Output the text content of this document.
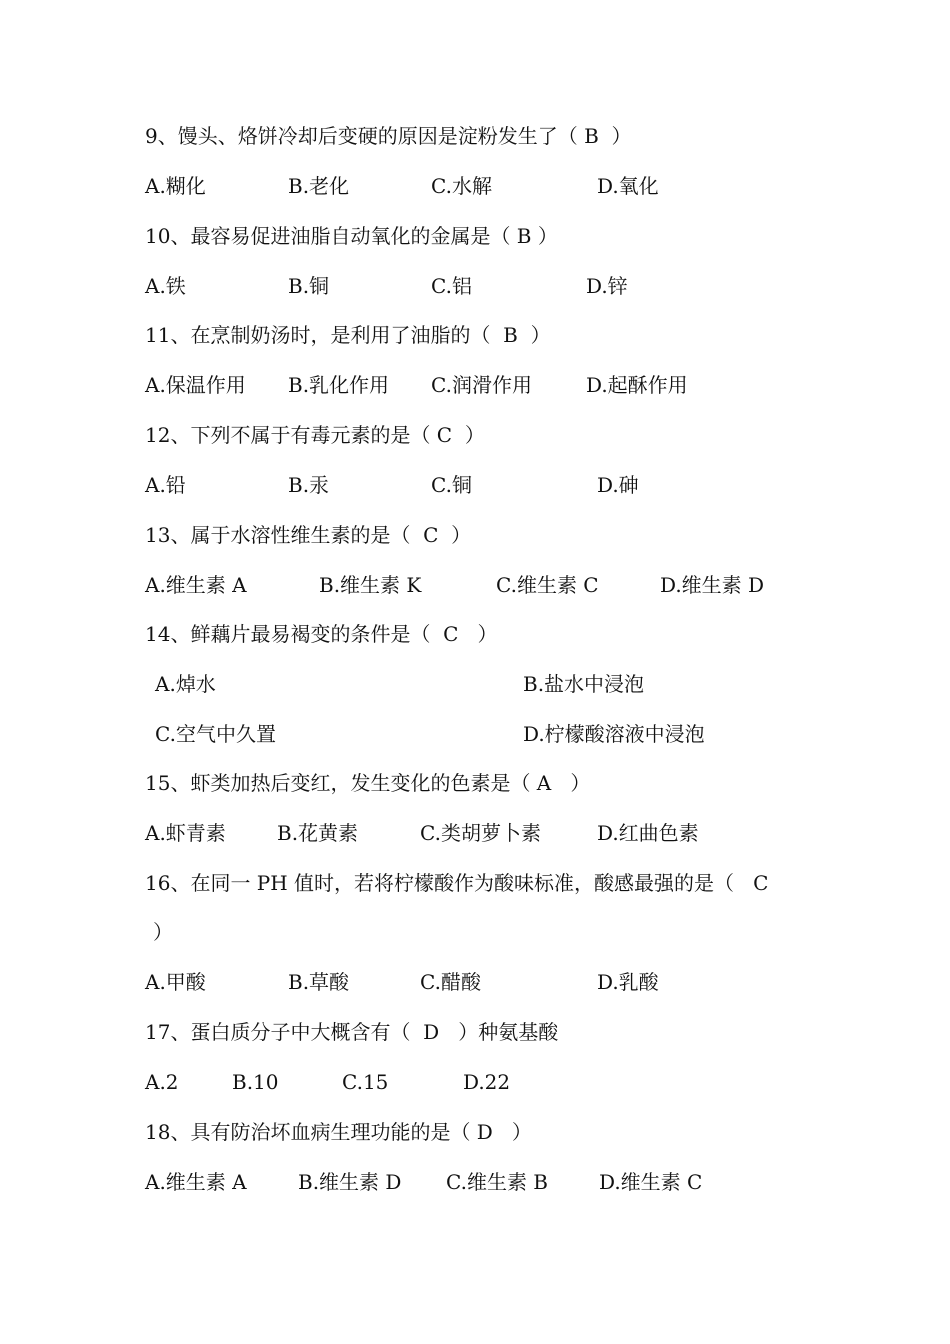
9、馒头、烙饼冷却后变硬的原因是淀粉发生了（ B  ）
A.糊化	B.老化	C.水解	D.氧化
10、最容易促进油脂自动氧化的金属是（ B ）
A.铁	B.铜	C.铝	D.锌
11、在烹制奶汤时，是利用了油脂的（  B  ）
A.保温作用 B.乳化作用 C.润滑作用	D.起酥作用
12、下列不属于有毒元素的是（ C  ）
A.铅	B.汞	C.铜	D.砷
13、属于水溶性维生素的是（  C  ）
A.维生素 A	B.维生素 K	C.维生素 C	D.维生素 D
14、鲜藕片最易褐变的条件是（  C   ）
A.焯水	B.盐水中浸泡
C.空气中久置	D.柠檬酸溶液中浸泡
15、虾类加热后变红，发生变化的色素是（ A   ）
A.虾青素	B.花黄素	C.类胡萝卜素	D.红曲色素
16、在同一 PH 值时，若将柠檬酸作为酸味标准，酸感最强的是（   C
）
A.甲酸	B.草酸	C.醋酸	D.乳酸
17、蛋白质分子中大概含有（  D   ）种氨基酸
A.2	B.10	C.15	D.22
18、具有防治坏血病生理功能的是（ D   ）
A.维生素 A	B.维生素 D C.维生素 B	D.维生素 C
